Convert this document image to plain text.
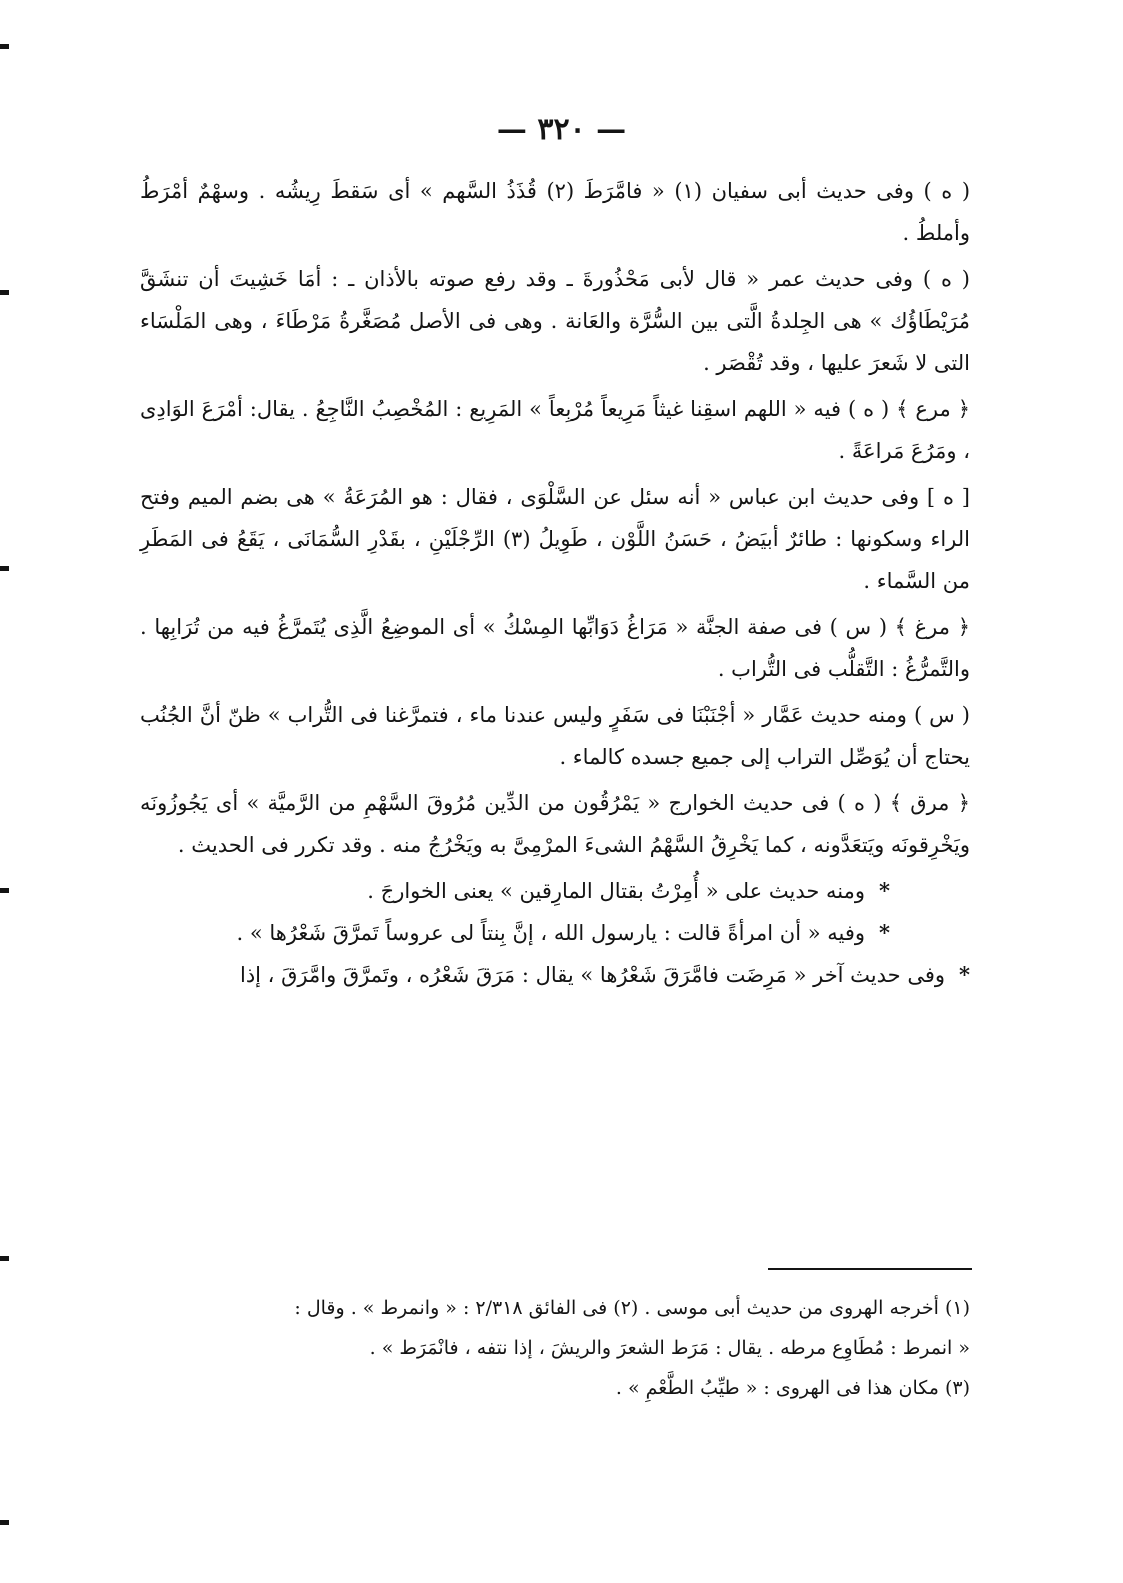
— ٣٢٠ —

( ه ) وفى حديث أبى سفيان (١) « فامَّرَطَ (٢) قُذَذُ السَّهم » أى سَقطَ رِيشُه . وسهْمٌ أمْرَطُ وأملطُ .

( ه ) وفى حديث عمر « قال لأبى مَحْذُورةَ ـ وقد رفع صوته بالأذان ـ : أمَا خَشِيتَ أن تنشَقَّ مُرَيْطَاؤُك » هى الجِلدةُ الَّتى بين السُّرَّة والعَانة . وهى فى الأصل مُصَغَّرةُ مَرْطَاءَ ، وهى المَلْسَاء التى لا شَعرَ عليها ، وقد تُقْصَر .

﴿ مرع ﴾ ( ه ) فيه « اللهم اسقِنا غيثاً مَرِيعاً مُرْبِعاً » المَرِيع : المُخْصِبُ النَّاجِعُ . يقال: أمْرَعَ الوَادِى ، ومَرُعَ مَراعَةً .

[ ه ] وفى حديث ابن عباس « أنه سئل عن السَّلْوَى ، فقال : هو المُرَعَةُ » هى بضم الميم وفتح الراء وسكونها : طائرٌ أبيَضُ ، حَسَنُ اللَّوْن ، طَوِيلُ (٣) الرِّجْلَيْنِ ، بقَدْرِ السُّمَانَى ، يَقَعُ فى المَطَرِ من السَّماء .

﴿ مرغ ﴾ ( س ) فى صفة الجنَّة « مَرَاغُ دَوَابِّها المِسْكُ » أى الموضِعُ الَّذِى يُتَمرَّغُ فيه من تُرَابِها . والتَّمرُّغُ : التَّقلُّب فى التُّراب .

( س ) ومنه حديث عَمَّار « أجْنَبْنَا فى سَفَرٍ وليس عندنا ماء ، فتمرَّغنا فى التُّراب » ظنّ أنَّ الجُنُب يحتاج أن يُوَصِّل التراب إلى جميع جسده كالماء .

﴿ مرق ﴾ ( ه ) فى حديث الخوارج « يَمْرُقُون من الدِّين مُرُوقَ السَّهْمِ من الرَّميَّة » أى يَجُوزُونَه ويَخْرِقونَه ويَتعَدَّونه ، كما يَخْرِقُ السَّهْمُ الشىءَ المرْمِىَّ به ويَخْرُجُ منه . وقد تكرر فى الحديث .

*ومنه حديث على « أُمِرْتُ بقتال المارِقين » يعنى الخوارجَ .

*وفيه « أن امرأةً قالت : يارسول الله ، إنَّ بِنتاً لى عروساً تَمرَّقَ شَعْرُها » .

*وفى حديث آخر « مَرِضَت فامَّرَقَ شَعْرُها » يقال : مَرَقَ شَعْرُه ، وتَمرَّقَ وامَّرَقَ ، إذا

(١) أخرجه الهروى من حديث أبى موسى . (٢) فى الفائق ٢/٣١٨ : « وانمرط » . وقال :

« انمرط : مُطَاوِع مرطه . يقال : مَرَط الشعرَ والريشَ ، إذا نتفه ، فانْمَرَط » .

(٣) مكان هذا فى الهروى : « طيِّبُ الطَّعْمِ » .
